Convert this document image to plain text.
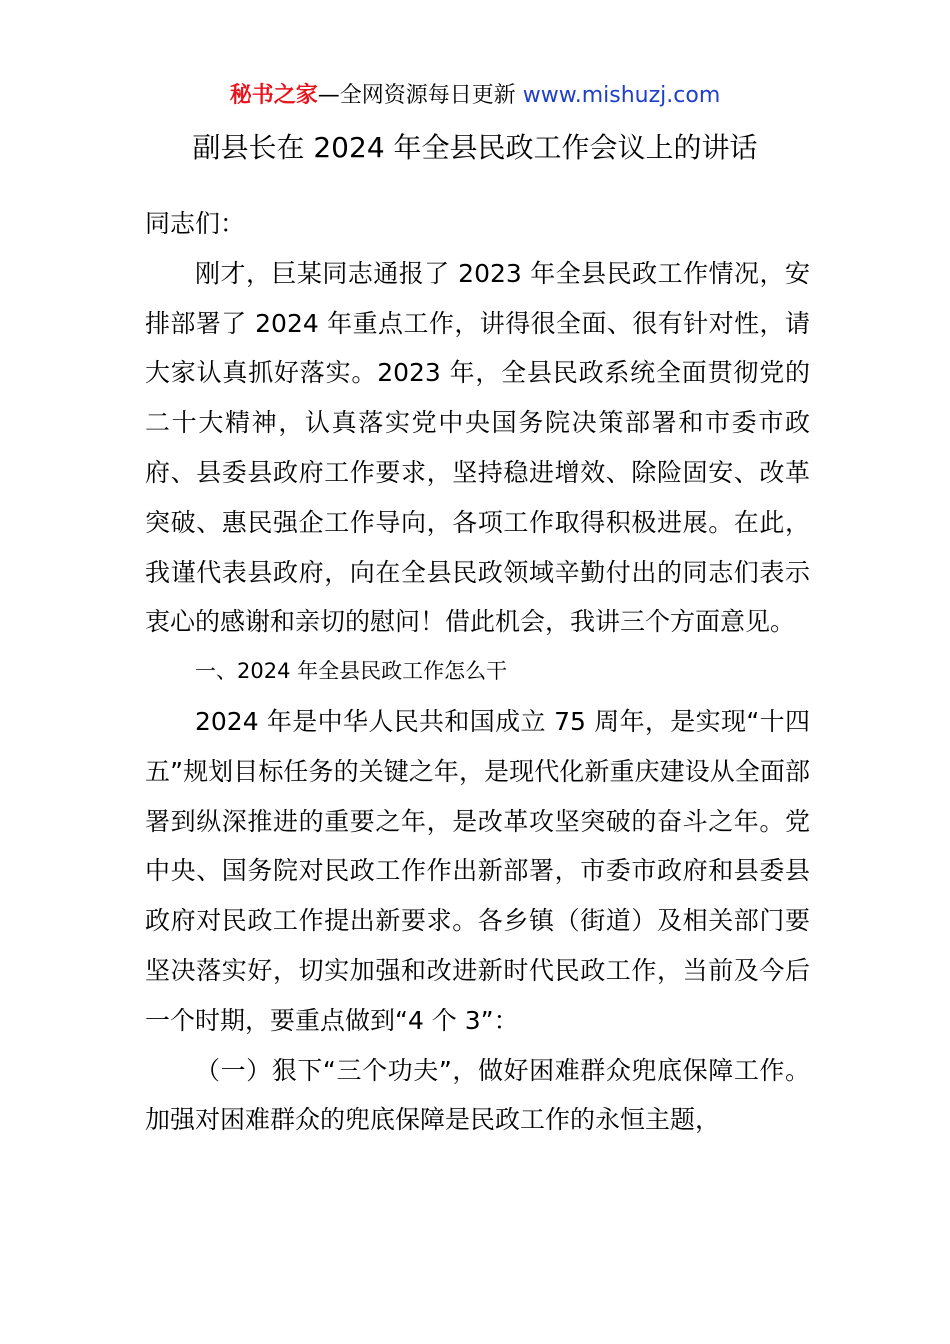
秘书之家—全网资源每日更新 www.mishuzj.com
副县长在 2024 年全县民政工作会议上的讲话

同志们：

刚才，巨某同志通报了 2023 年全县民政工作情况，安排部署了 2024 年重点工作，讲得很全面、很有针对性，请大家认真抓好落实。2023 年，全县民政系统全面贯彻党的二十大精神，认真落实党中央国务院决策部署和市委市政府、县委县政府工作要求，坚持稳进增效、除险固安、改革突破、惠民强企工作导向，各项工作取得积极进展。在此，我谨代表县政府，向在全县民政领域辛勤付出的同志们表示衷心的感谢和亲切的慰问！借此机会，我讲三个方面意见。

一、2024 年全县民政工作怎么干

2024 年是中华人民共和国成立 75 周年，是实现“十四五”规划目标任务的关键之年，是现代化新重庆建设从全面部署到纵深推进的重要之年，是改革攻坚突破的奋斗之年。党中央、国务院对民政工作作出新部署，市委市政府和县委县政府对民政工作提出新要求。各乡镇（街道）及相关部门要坚决落实好，切实加强和改进新时代民政工作，当前及今后一个时期，要重点做到“4 个 3”：

（一）狠下“三个功夫”，做好困难群众兜底保障工作。加强对困难群众的兜底保障是民政工作的永恒主题，
